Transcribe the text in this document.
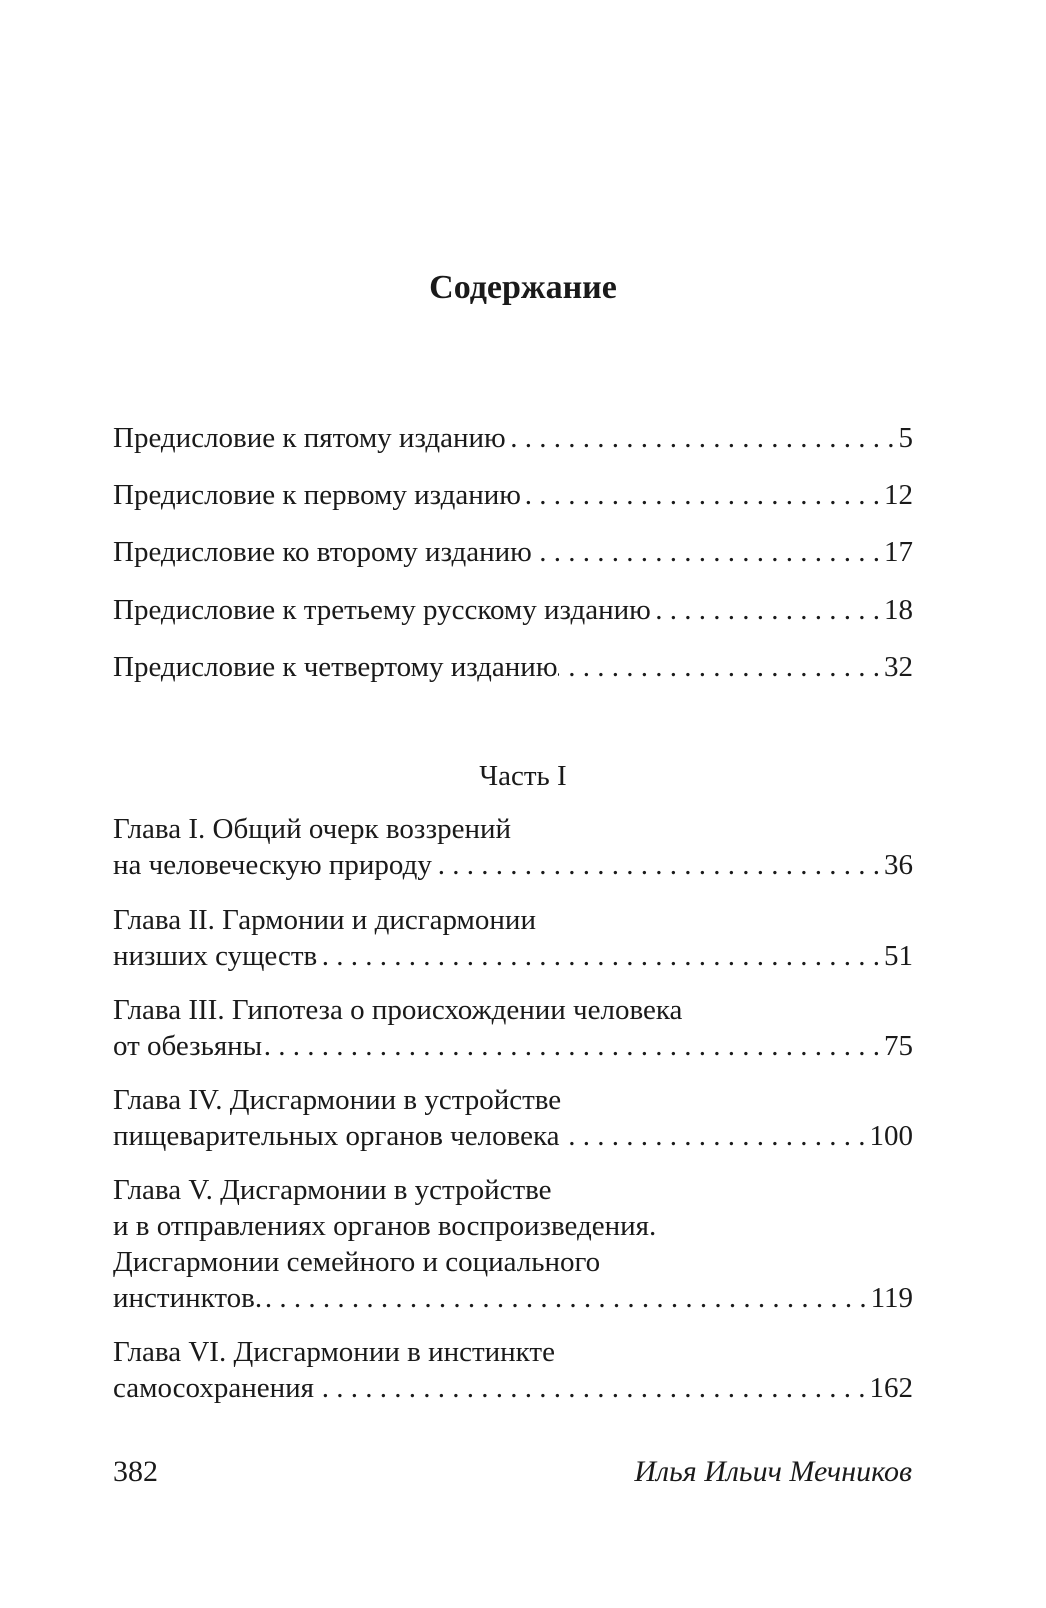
Содержание
Предисловие к пятому изданию . . .	5
Предисловие к первому изданию . . .	12
Предисловие ко второму изданию . . .	17
Предисловие к третьему русскому изданию . . .	18
Предисловие к четвертому изданию . . .	32
Глава I. Общий очерк воззрений
на человеческую природу . . .	36
Глава II. Гармонии и дисгармонии
низших существ . . .	51
Глава III. Гипотеза о происхождении человека
от обезьяны . . .	75
Глава IV. Дисгармонии в устройстве
пищеварительных органов человека . . .	100
Глава V. Дисгармонии в устройстве
и в отправлениях органов воспроизведения.
Дисгармонии семейного и социального
инстинктов. . . .	119
Глава VI. Дисгармонии в инстинкте
самосохранения . . .	162
Часть I
382	Илья Ильич Мечников
